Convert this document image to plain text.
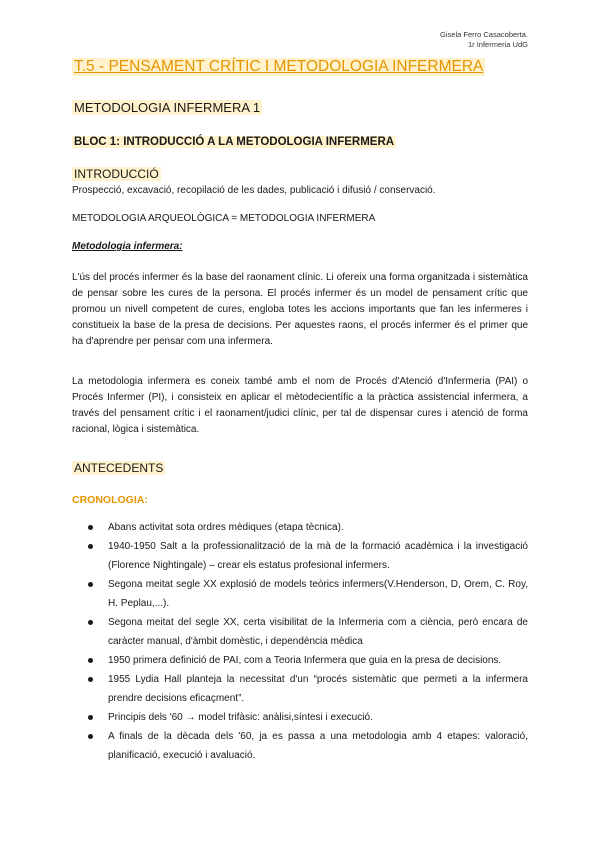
Gisela Ferro Casacoberta.
1r Infermeria UdG
T.5 - PENSAMENT CRÍTIC I METODOLOGIA INFERMERA
METODOLOGIA INFERMERA 1
BLOC 1: INTRODUCCIÓ A LA METODOLOGIA INFERMERA
INTRODUCCIÓ
Prospecció, excavació, recopilació de les dades, publicació i difusió / conservació.
METODOLOGIA ARQUEOLÒGICA = METODOLOGIA INFERMERA
Metodologia infermera:
L'ús del procés infermer és la base del raonament clínic. Li ofereix una forma organitzada i sistemàtica de pensar sobre les cures de la persona. El procés infermer és un model de pensament crític que promou un nivell competent de cures, engloba totes les accions importants que fan les infermeres i constitueix la base de la presa de decisions. Per aquestes raons, el procés infermer és el primer que ha d'aprendre per pensar com una infermera.
La metodologia infermera es coneix també amb el nom de Procés d'Atenció d'Infermeria (PAI) o Procés Infermer (PI), i consisteix en aplicar el mètodecientífic a la pràctica assistencial infermera, a través del pensament crític i el raonament/judici clínic, per tal de dispensar cures i atenció de forma racional, lògica i sistemàtica.
ANTECEDENTS
CRONOLOGIA:
Abans activitat sota ordres mèdiques (etapa tècnica).
1940-1950 Salt a la professionalització de la mà de la formació acadèmica i la investigació (Florence Nightingale) – crear els estatus profesional infermers.
Segona meitat segle XX explosió de models teòrics infermers(V.Henderson, D, Orem, C. Roy, H. Peplau,...).
Segona meitat del segle XX, certa visibilitat de la Infermeria com a ciència, però encara de caràcter manual, d'àmbit domèstic, i dependència mèdica
1950 primera definició de PAI, com a Teoria Infermera que guia en la presa de decisions.
1955 Lydia Hall planteja la necessitat d'un “procés sistemàtic que permeti a la infermera prendre decisions eficaçment”.
Principis dels '60 → model trifàsic: anàlisi,síntesi i execució.
A finals de la dècada dels '60, ja es passa a una metodologia amb 4 etapes: valoració, planificació, execució i avaluació.
